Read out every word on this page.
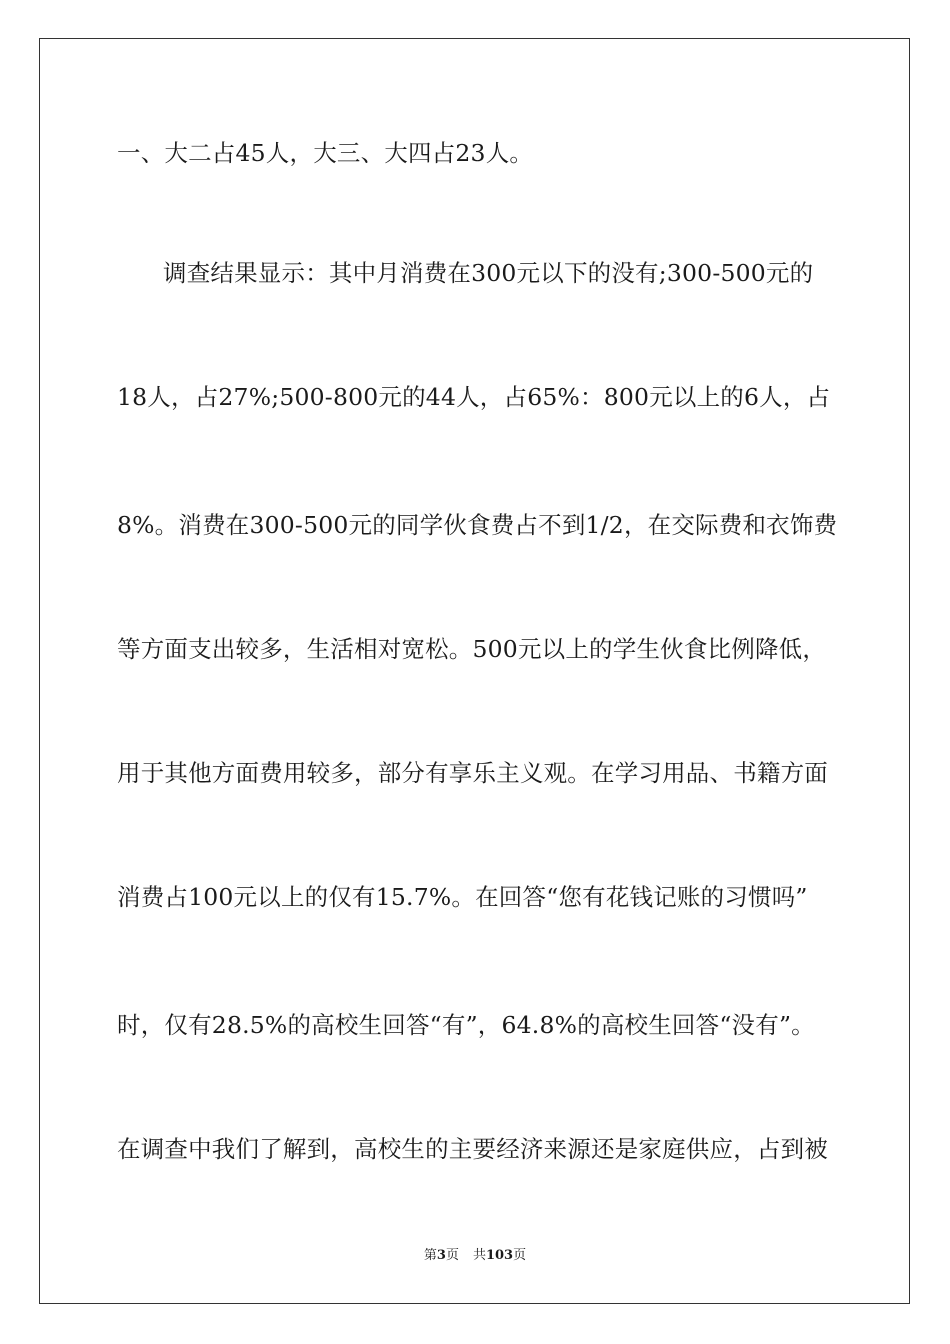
一、大二占45人，大三、大四占23人。
调查结果显示：其中月消费在300元以下的没有;300-500元的
18人，占27%;500-800元的44人，占65%：800元以上的6人，占
8%。消费在300-500元的同学伙食费占不到1/2，在交际费和衣饰费
等方面支出较多，生活相对宽松。500元以上的学生伙食比例降低，
用于其他方面费用较多，部分有享乐主义观。在学习用品、书籍方面
消费占100元以上的仅有15.7%。在回答“您有花钱记账的习惯吗”
时，仅有28.5%的高校生回答“有”，64.8%的高校生回答“没有”。
在调查中我们了解到，高校生的主要经济来源还是家庭供应，占到被
第3页 共103页
